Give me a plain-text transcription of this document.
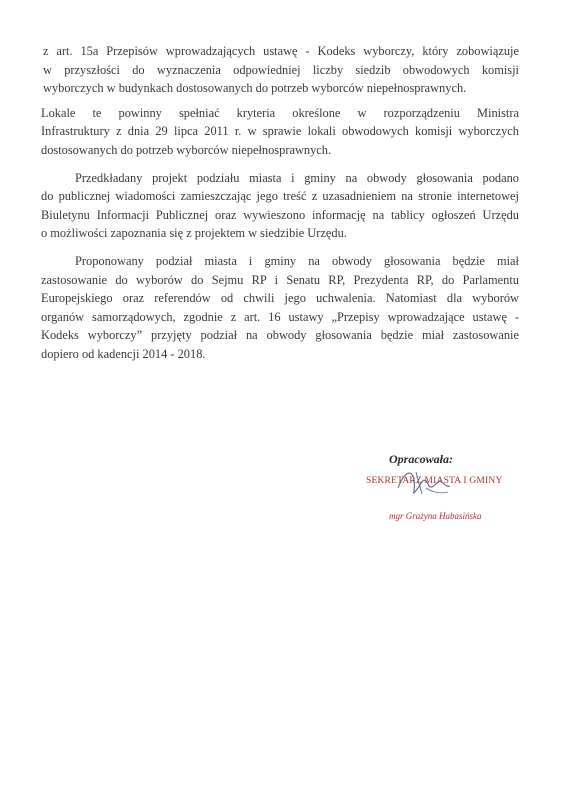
z art. 15a Przepisów wprowadzających ustawę - Kodeks wyborczy, który zobowiązuje
w przyszłości do wyznaczenia odpowiedniej liczby siedzib obwodowych komisji
wyborczych w budynkach dostosowanych do potrzeb wyborców niepełnosprawnych.
Lokale te powinny spełniać kryteria określone w rozporządzeniu Ministra
Infrastruktury z dnia 29 lipca 2011 r. w sprawie lokali obwodowych komisji wyborczych
dostosowanych do potrzeb wyborców niepełnosprawnych.
Przedkładany projekt podziału miasta i gminy na obwody głosowania podano
do publicznej wiadomości zamieszczając jego treść z uzasadnieniem na stronie internetowej
Biuletynu Informacji Publicznej oraz wywieszono informację na tablicy ogłoszeń Urzędu
o możliwości zapoznania się z projektem w siedzibie Urzędu.
Proponowany podział miasta i gminy na obwody głosowania będzie miał
zastosowanie do wyborów do Sejmu RP i Senatu RP, Prezydenta RP, do Parlamentu
Europejskiego oraz referendów od chwili jego uchwalenia. Natomiast dla wyborów
organów samorządowych, zgodnie z art. 16 ustawy „Przepisy wprowadzające ustawę -
Kodeks wyborczy” przyjęty podział na obwody głosowania będzie miał zastosowanie
dopiero od kadencji 2014 - 2018.
Opracowała:
SEKRETARZ MIASTA I GMINY
mgr Grażyna Habasińska
